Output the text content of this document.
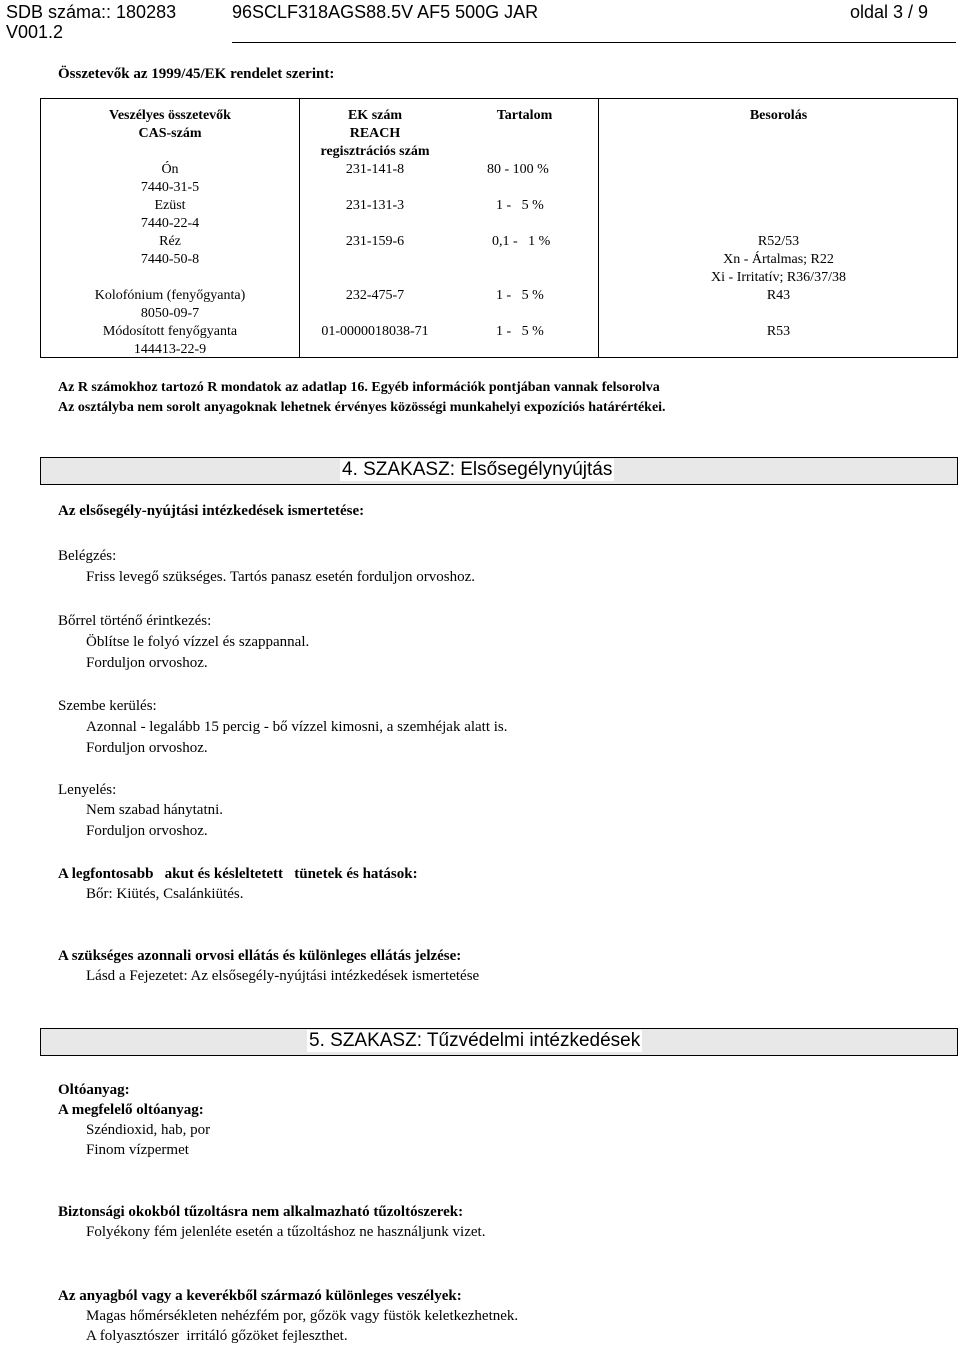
SDB száma:: 180283
V001.2
96SCLF318AGS88.5V AF5 500G JAR	oldal 3 / 9
Összetevők az 1999/45/EK rendelet szerint:
Veszélyes összetevők
CAS-szám
Ón
7440-31-5
Ezüst
7440-22-4
Réz
7440-50-8
Kolofónium (fenyőgyanta)
8050-09-7
Módosított fenyőgyanta
144413-22-9
EK szám
REACH
regisztrációs szám
231-141-8
231-131-3
231-159-6
232-475-7
01-0000018038-71
Tartalom
80 - 100 %
1 -   5 %
0,1 -   1 %
1 -   5 %
1 -   5 %
Besorolás
R52/53
Xn - Ártalmas; R22
Xi - Irritatív; R36/37/38
R43
R53
Az R számokhoz tartozó R mondatok az adatlap 16. Egyéb információk pontjában vannak felsorolva
Az osztályba nem sorolt anyagoknak lehetnek érvényes közösségi munkahelyi expozíciós határértékei.
4. SZAKASZ: Elsősegélynyújtás
Az elsősegély-nyújtási intézkedések ismertetése:
Belégzés:
Friss levegő szükséges. Tartós panasz esetén forduljon orvoshoz.
Bőrrel történő érintkezés:
Öblítse le folyó vízzel és szappannal.
Forduljon orvoshoz.
Szembe kerülés:
Azonnal - legalább 15 percig - bő vízzel kimosni, a szemhéjak alatt is.
Forduljon orvoshoz.
Lenyelés:
Nem szabad hánytatni.
Forduljon orvoshoz.
A legfontosabb   akut és késleltetett   tünetek és hatások:
Bőr: Kiütés, Csalánkiütés.
A szükséges azonnali orvosi ellátás és különleges ellátás jelzése:
Lásd a Fejezetet: Az elsősegély-nyújtási intézkedések ismertetése
5. SZAKASZ: Tűzvédelmi intézkedések
Oltóanyag:
A megfelelő oltóanyag:
Széndioxid, hab, por
Finom vízpermet
Biztonsági okokból tűzoltásra nem alkalmazható tűzoltószerek:
Folyékony fém jelenléte esetén a tűzoltáshoz ne használjunk vizet.
Az anyagból vagy a keverékből származó különleges veszélyek:
Magas hőmérsékleten nehézfém por, gőzök vagy füstök keletkezhetnek.
A folyasztószer  irritáló gőzöket fejleszthet.
